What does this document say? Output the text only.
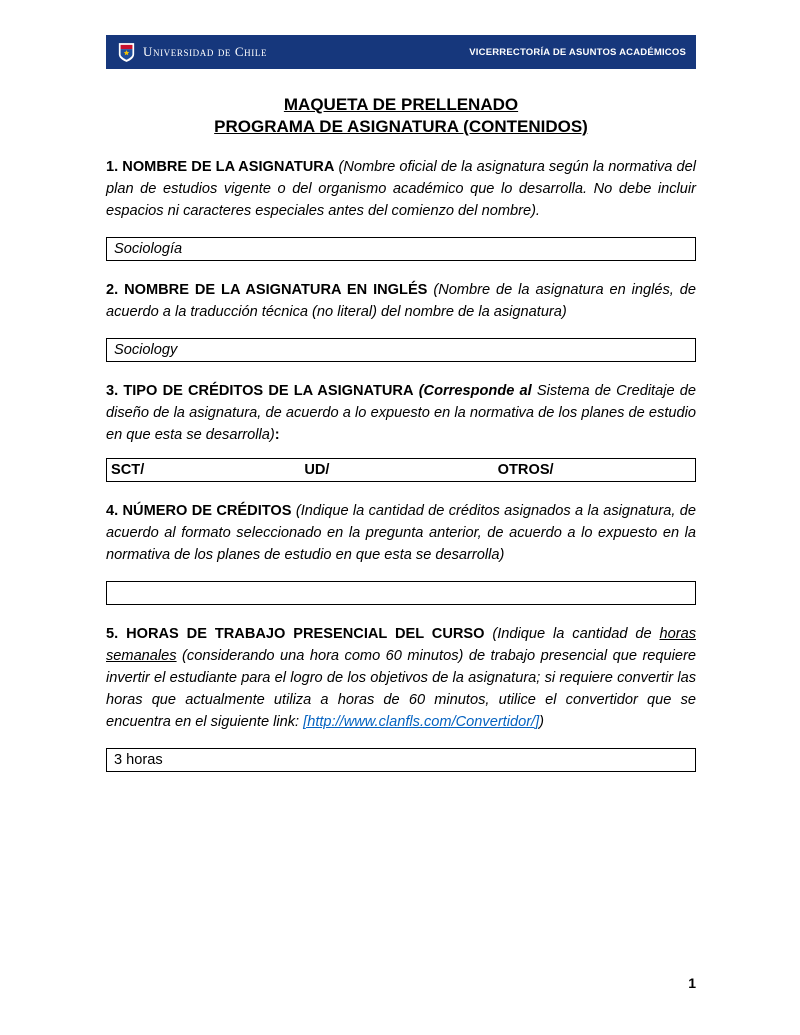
Universidad de Chile	VICERRECTORÍA DE ASUNTOS ACADÉMICOS
MAQUETA DE PRELLENADO
PROGRAMA DE ASIGNATURA (CONTENIDOS)

1. NOMBRE DE LA ASIGNATURA (Nombre oficial de la asignatura según la normativa del plan de estudios vigente o del organismo académico que lo desarrolla. No debe incluir espacios ni caracteres especiales antes del comienzo del nombre).

Sociología

2. NOMBRE DE LA ASIGNATURA EN INGLÉS (Nombre de la asignatura en inglés, de acuerdo a la traducción técnica (no literal) del nombre de la asignatura)

Sociology

3. TIPO DE CRÉDITOS DE LA ASIGNATURA (Corresponde al Sistema de Creditaje de diseño de la asignatura, de acuerdo a lo expuesto en la normativa de los planes de estudio en que esta se desarrolla):

SCT/	UD/	OTROS/

4. NÚMERO DE CRÉDITOS (Indique la cantidad de créditos asignados a la asignatura, de acuerdo al formato seleccionado en la pregunta anterior, de acuerdo a lo expuesto en la normativa de los planes de estudio en que esta se desarrolla)

5. HORAS DE TRABAJO PRESENCIAL DEL CURSO (Indique la cantidad de horas semanales (considerando una hora como 60 minutos) de trabajo presencial que requiere invertir el estudiante para el logro de los objetivos de la asignatura; si requiere convertir las horas que actualmente utiliza a horas de 60 minutos, utilice el convertidor que se encuentra en el siguiente link: [http://www.clanfls.com/Convertidor/])

3 horas
1
